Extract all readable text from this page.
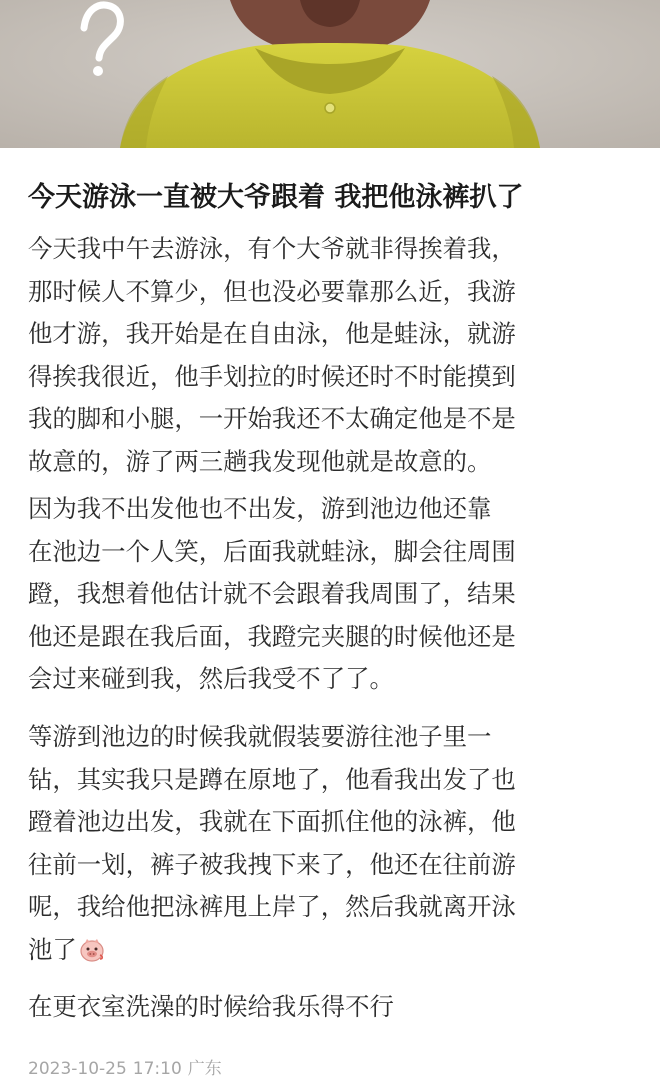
今天游泳一直被大爷跟着 我把他泳裤扒了

今天我中午去游泳，有个大爷就非得挨着我，
那时候人不算少，但也没必要靠那么近，我游
他才游，我开始是在自由泳，他是蛙泳，就游
得挨我很近，他手划拉的时候还时不时能摸到
我的脚和小腿，一开始我还不太确定他是不是
故意的，游了两三趟我发现他就是故意的。

因为我不出发他也不出发，游到池边他还靠
在池边一个人笑，后面我就蛙泳，脚会往周围
蹬，我想着他估计就不会跟着我周围了，结果
他还是跟在我后面，我蹬完夹腿的时候他还是
会过来碰到我，然后我受不了了。

等游到池边的时候我就假装要游往池子里一
钻，其实我只是蹲在原地了，他看我出发了也
蹬着池边出发，我就在下面抓住他的泳裤，他
往前一划，裤子被我拽下来了，他还在往前游
呢，我给他把泳裤甩上岸了，然后我就离开泳
池了

在更衣室洗澡的时候给我乐得不行

2023-10-25 17:10 广东
